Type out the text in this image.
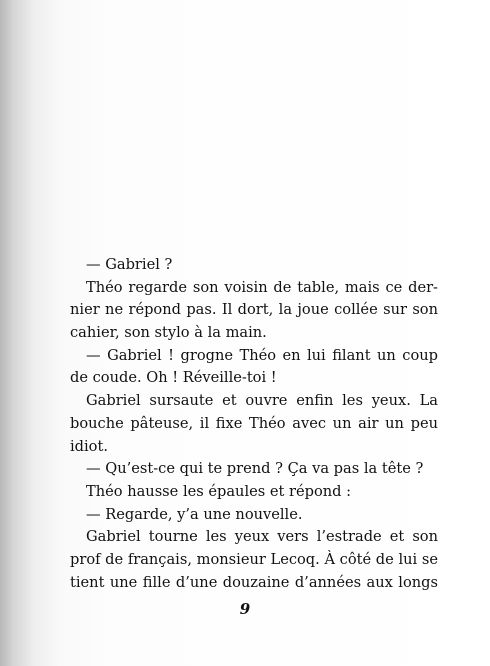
— Gabriel ?
Théo regarde son voisin de table, mais ce der-
nier ne répond pas. Il dort, la joue collée sur son
cahier, son stylo à la main.
— Gabriel ! grogne Théo en lui filant un coup
de coude. Oh ! Réveille-toi !
Gabriel sursaute et ouvre enfin les yeux. La
bouche pâteuse, il fixe Théo avec un air un peu
idiot.
— Qu’est-ce qui te prend ? Ça va pas la tête ?
Théo hausse les épaules et répond :
— Regarde, y’a une nouvelle.
Gabriel tourne les yeux vers l’estrade et son
prof de français, monsieur Lecoq. À côté de lui se
tient une fille d’une douzaine d’années aux longs
9
